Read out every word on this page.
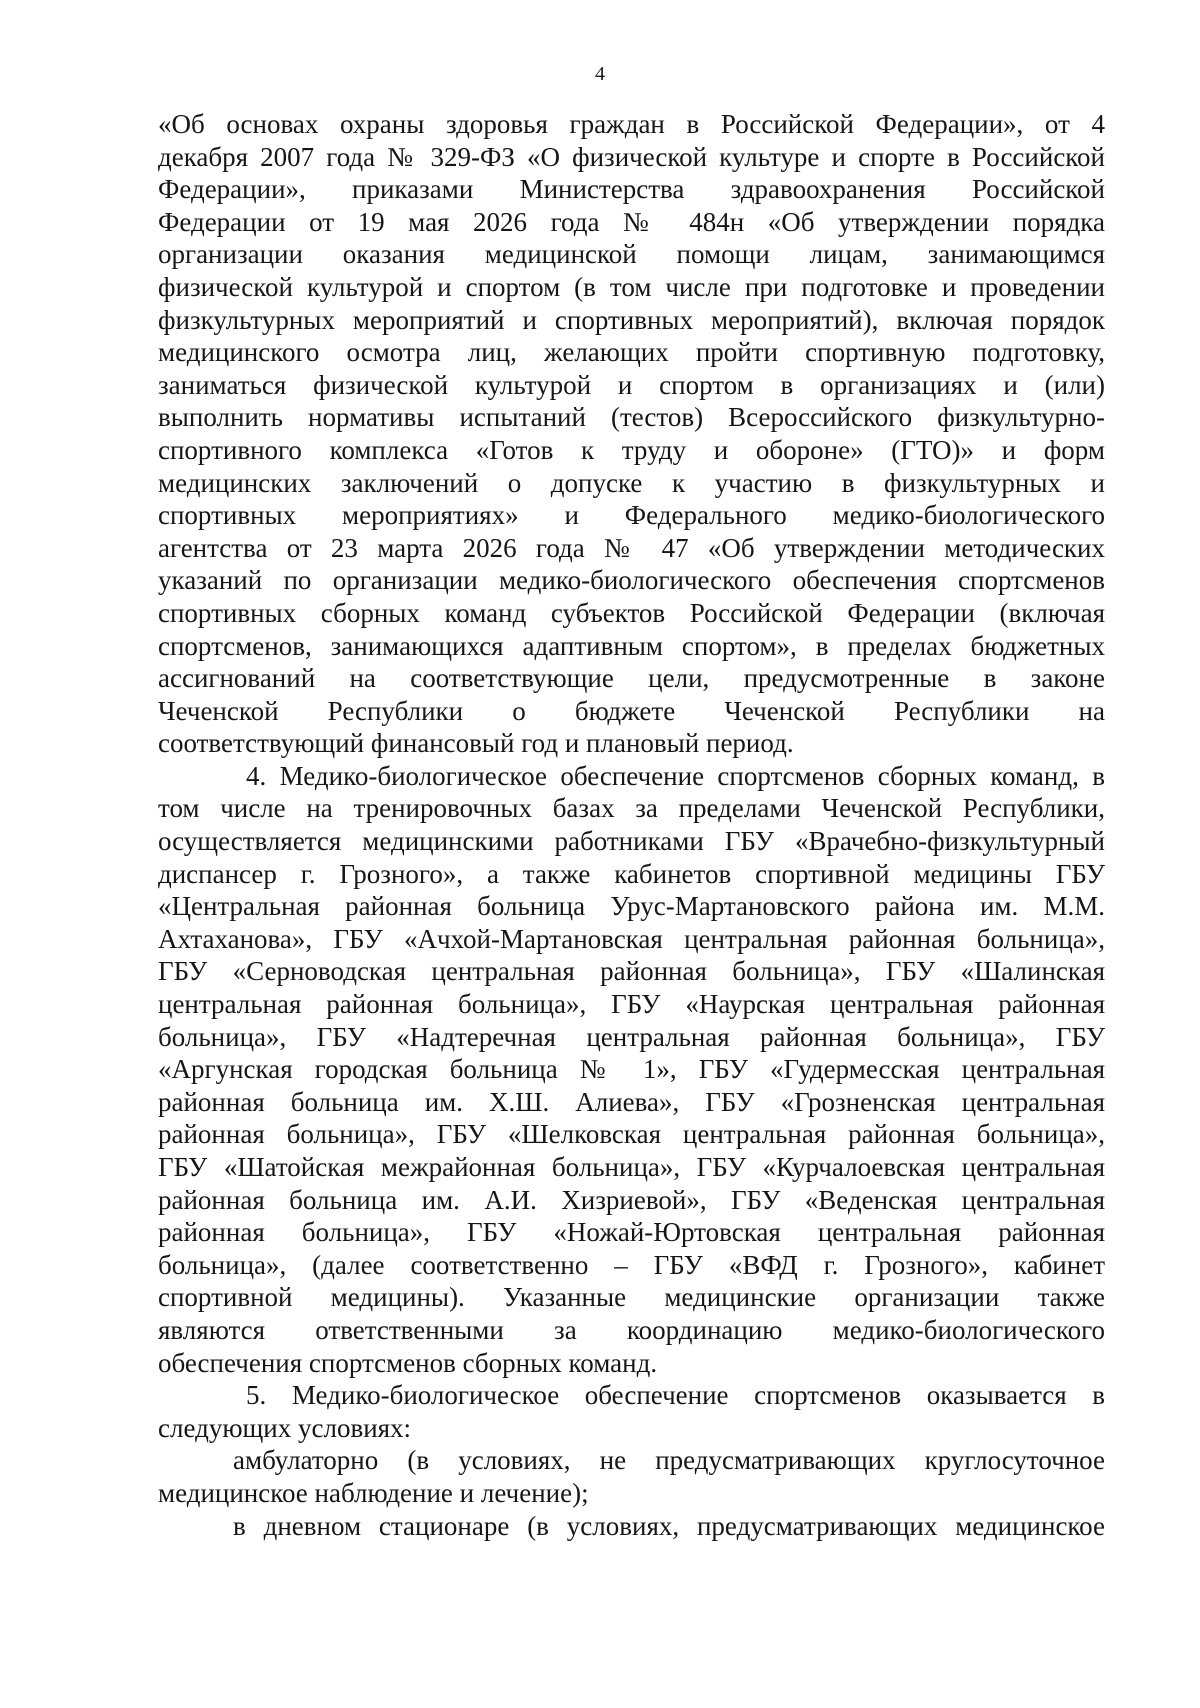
4
«Об основах охраны здоровья граждан в Российской Федерации», от 4
декабря 2007 года № 329-ФЗ «О физической культуре и спорте в Российской
Федерации», приказами Министерства здравоохранения Российской
Федерации от 19 мая 2026 года № 484н «Об утверждении порядка
организации оказания медицинской помощи лицам, занимающимся
физической культурой и спортом (в том числе при подготовке и проведении
физкультурных мероприятий и спортивных мероприятий), включая порядок
медицинского осмотра лиц, желающих пройти спортивную подготовку,
заниматься физической культурой и спортом в организациях и (или)
выполнить нормативы испытаний (тестов) Всероссийского физкультурно-
спортивного комплекса «Готов к труду и обороне» (ГТО)» и форм
медицинских заключений о допуске к участию в физкультурных и
спортивных мероприятиях» и Федерального медико-биологического
агентства от 23 марта 2026 года № 47 «Об утверждении методических
указаний по организации медико-биологического обеспечения спортсменов
спортивных сборных команд субъектов Российской Федерации (включая
спортсменов, занимающихся адаптивным спортом», в пределах бюджетных
ассигнований на соответствующие цели, предусмотренные в законе
Чеченской Республики о бюджете Чеченской Республики на
соответствующий финансовый год и плановый период.
4. Медико-биологическое обеспечение спортсменов сборных команд, в
том числе на тренировочных базах за пределами Чеченской Республики,
осуществляется медицинскими работниками ГБУ «Врачебно-физкультурный
диспансер г. Грозного», а также кабинетов спортивной медицины ГБУ
«Центральная районная больница Урус-Мартановского района им. М.М.
Ахтаханова», ГБУ «Ачхой-Мартановская центральная районная больница»,
ГБУ «Серноводская центральная районная больница», ГБУ «Шалинская
центральная районная больница», ГБУ «Наурская центральная районная
больница», ГБУ «Надтеречная центральная районная больница», ГБУ
«Аргунская городская больница № 1», ГБУ «Гудермесская центральная
районная больница им. Х.Ш. Алиева», ГБУ «Грозненская центральная
районная больница», ГБУ «Шелковская центральная районная больница»,
ГБУ «Шатойская межрайонная больница», ГБУ «Курчалоевская центральная
районная больница им. А.И. Хизриевой», ГБУ «Веденская центральная
районная больница», ГБУ «Ножай-Юртовская центральная районная
больница», (далее соответственно – ГБУ «ВФД г. Грозного», кабинет
спортивной медицины). Указанные медицинские организации также
являются ответственными за координацию медико-биологического
обеспечения спортсменов сборных команд.
5. Медико-биологическое обеспечение спортсменов оказывается в
следующих условиях:
амбулаторно (в условиях, не предусматривающих круглосуточное
медицинское наблюдение и лечение);
в дневном стационаре (в условиях, предусматривающих медицинское
